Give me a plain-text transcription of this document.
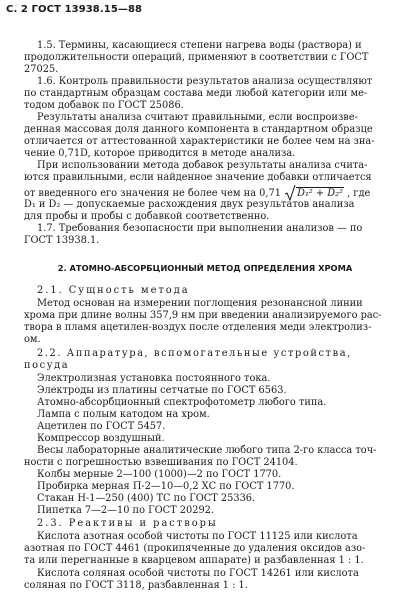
С. 2 ГОСТ 13938.15—88
1.5. Термины, касающиеся степени нагрева воды (раствора) и
продолжительности операций, применяют в соответствии с ГОСТ
27025.
1.6. Контроль правильности результатов анализа осуществляют
по стандартным образцам состава меди любой категории или ме-
тодом добавок по ГОСТ 25086.
Результаты анализа считают правильными, если воспроизве-
денная массовая доля данного компонента в стандартном образце
отличается от аттестованной характеристики не более чем на зна-
чение 0,71D, которое приводится в методе анализа.
При использовании метода добавок результаты анализа счита-
ются правильными, если найденное значение добавки отличается
от введенного его значения не более чем на 0,71 D₁² + D₂² , где
D₁ и D₂ — допускаемые расхождения двух результатов анализа
для пробы и пробы с добавкой соответственно.
1.7. Требования безопасности при выполнении анализов — по
ГОСТ 13938.1.
2. АТОМНО-АБСОРБЦИОННЫЙ МЕТОД ОПРЕДЕЛЕНИЯ ХРОМА
2.1. Сущность метода
Метод основан на измерении поглощения резонансной линии
хрома при длине волны 357,9 нм при введении анализируемого рас-
твора в пламя ацетилен-воздух после отделения меди электролиз-
ом.
2.2. Аппаратура, вспомогательные устройства,
посуда
Электролизная установка постоянного тока.
Электроды из платины сетчатые по ГОСТ 6563.
Атомно-абсорбционный спектрофотометр любого типа.
Лампа с полым катодом на хром.
Ацетилен по ГОСТ 5457.
Компрессор воздушный.
Весы лабораторные аналитические любого типа 2-го класса точ-
ности с погрешностью взвешивания по ГОСТ 24104.
Колбы мерные 2—100 (1000)—2 по ГОСТ 1770.
Пробирка мерная П-2—10—0,2 ХС по ГОСТ 1770.
Стакан Н-1—250 (400) ТС по ГОСТ 25336.
Пипетка 7—2—10 по ГОСТ 20292.
2.3. Реактивы и растворы
Кислота азотная особой чистоты по ГОСТ 11125 или кислота
азотная по ГОСТ 4461 (прокипяченные до удаления оксидов азо-
та или перегнанные в кварцевом аппарате) и разбавленная 1 : 1.
Кислота соляная особой чистоты по ГОСТ 14261 или кислота
соляная по ГОСТ 3118, разбавленная 1 : 1.
